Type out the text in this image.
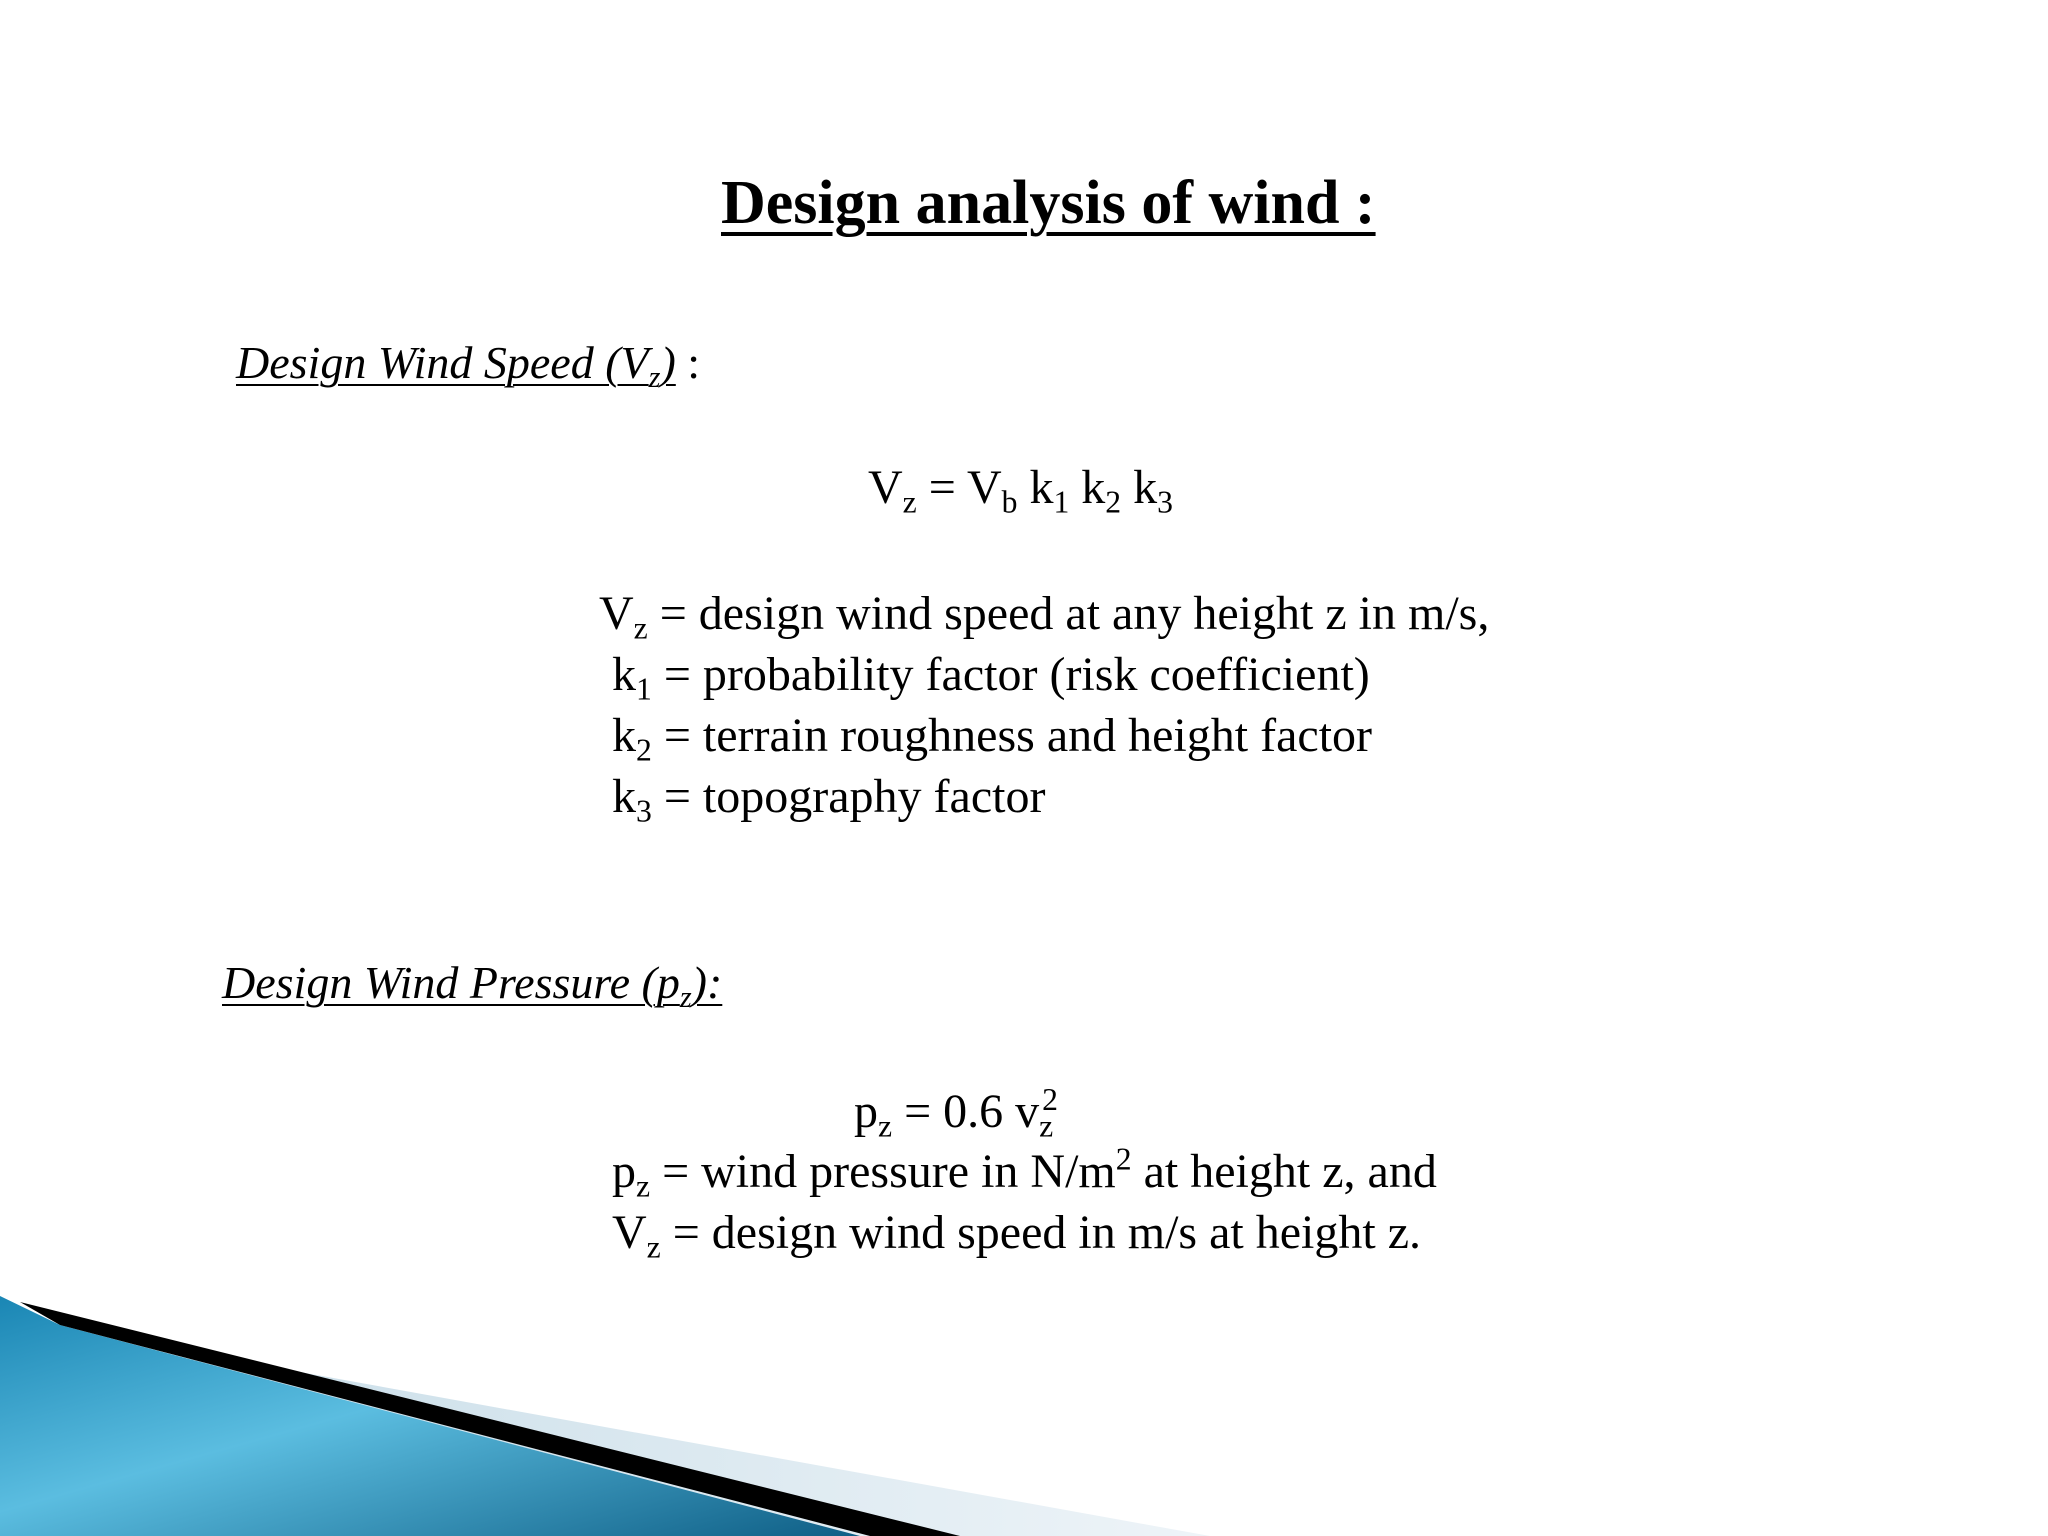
Design analysis of wind :
Design Wind Speed $(V_z)$ :
$V_z = V_b$ $k_1$ $k_2$ $k_3$
$V_z$ = design wind speed at any height z in m/s,
$k_1$ = probability factor (risk coefficient)
$k_2$ = terrain roughness and height factor
$k_3$ = topography factor
Design Wind Pressure $(p_z)$:
$p_z = 0.6$ $v_z^2$
$p_z$ = wind pressure in $N/m^2$ at height z, and
$V_z$ = design wind speed in m/s at height z.
